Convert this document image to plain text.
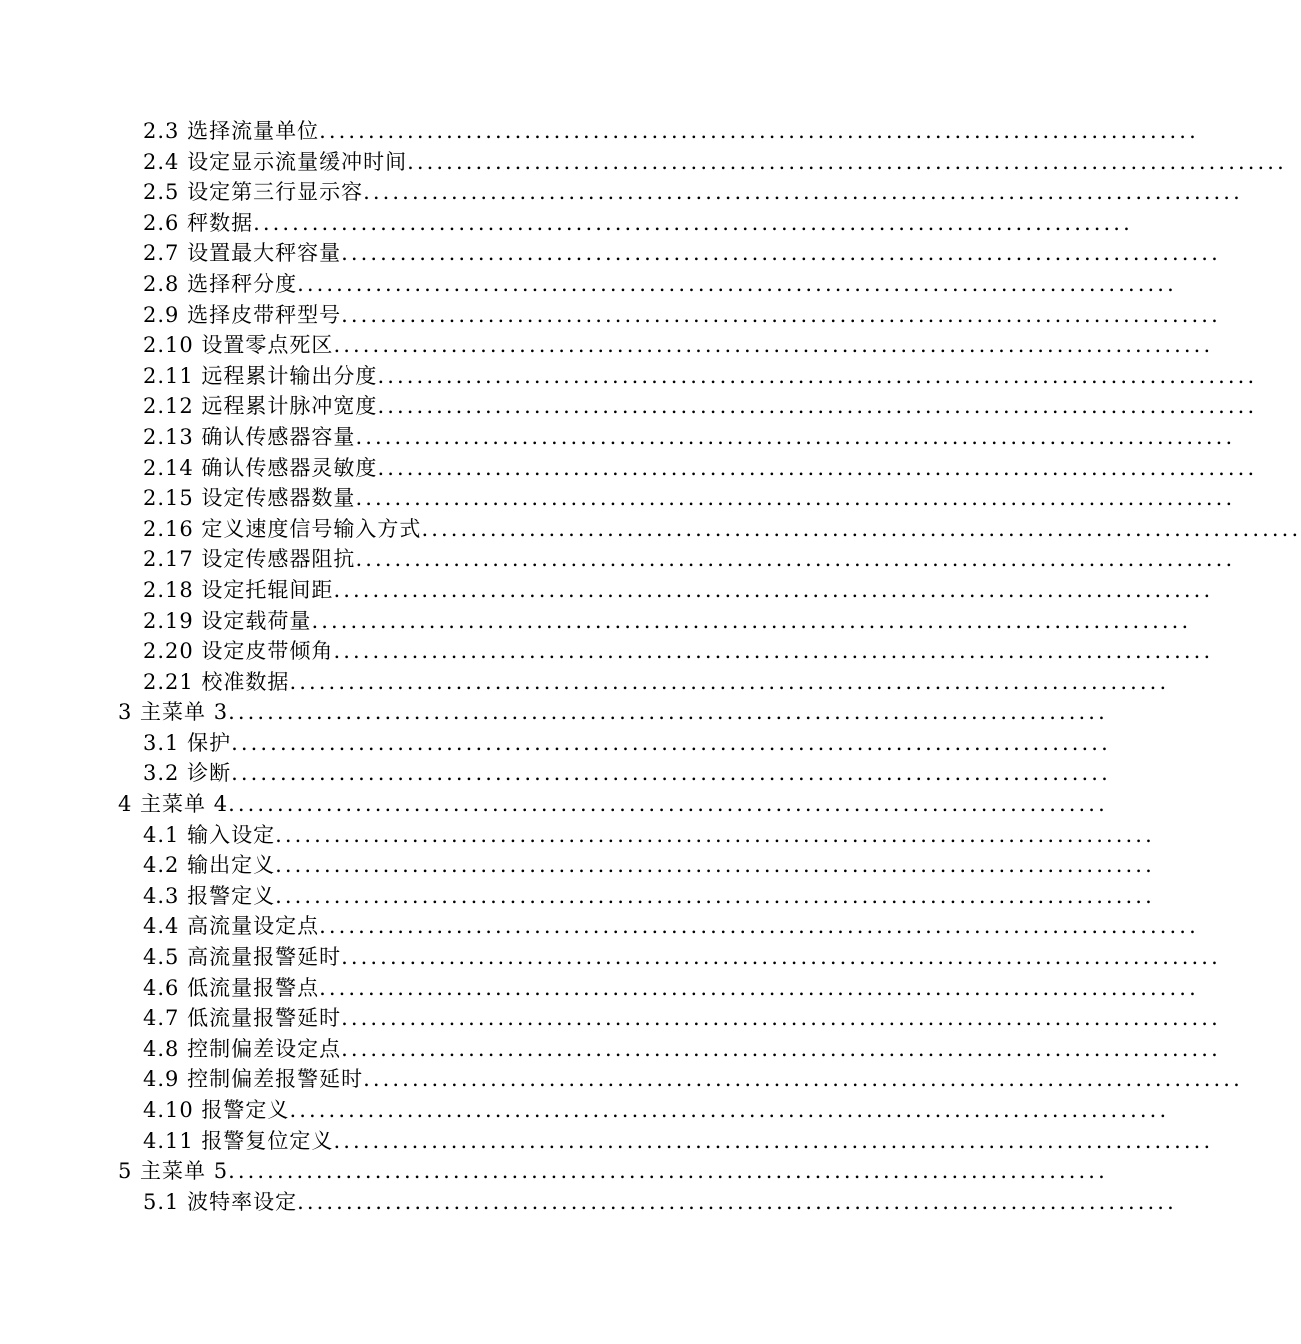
2.3 选择流量单位..........................................................................................
2.4 设定显示流量缓冲时间..........................................................................................
2.5 设定第三行显示容..........................................................................................
2.6 秤数据..........................................................................................
2.7 设置最大秤容量..........................................................................................
2.8 选择秤分度..........................................................................................
2.9 选择皮带秤型号..........................................................................................
2.10 设置零点死区..........................................................................................
2.11 远程累计输出分度..........................................................................................
2.12 远程累计脉冲宽度..........................................................................................
2.13 确认传感器容量..........................................................................................
2.14 确认传感器灵敏度..........................................................................................
2.15 设定传感器数量..........................................................................................
2.16 定义速度信号输入方式..........................................................................................
2.17 设定传感器阻抗..........................................................................................
2.18 设定托辊间距..........................................................................................
2.19 设定载荷量..........................................................................................
2.20 设定皮带倾角..........................................................................................
2.21 校准数据..........................................................................................
3 主菜单 3..........................................................................................
3.1 保护..........................................................................................
3.2 诊断..........................................................................................
4 主菜单 4..........................................................................................
4.1 输入设定..........................................................................................
4.2 输出定义..........................................................................................
4.3 报警定义..........................................................................................
4.4 高流量设定点..........................................................................................
4.5 高流量报警延时..........................................................................................
4.6 低流量报警点..........................................................................................
4.7 低流量报警延时..........................................................................................
4.8 控制偏差设定点..........................................................................................
4.9 控制偏差报警延时..........................................................................................
4.10 报警定义..........................................................................................
4.11 报警复位定义..........................................................................................
5 主菜单 5..........................................................................................
5.1 波特率设定..........................................................................................
